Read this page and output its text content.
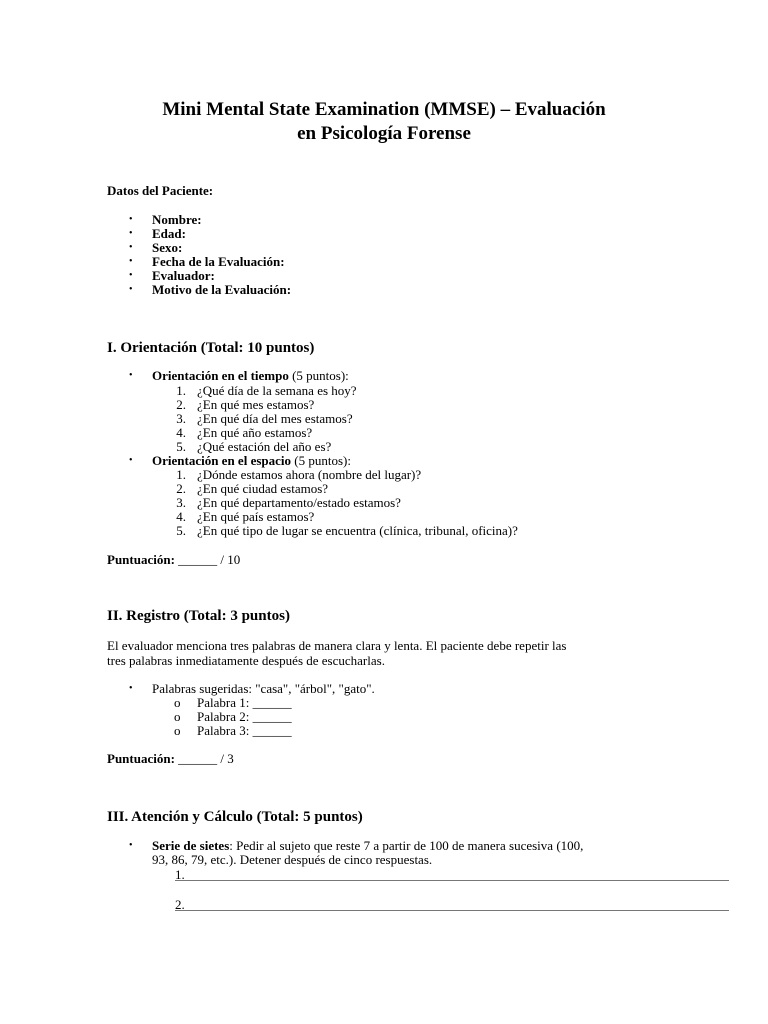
Mini Mental State Examination (MMSE) – Evaluación
en Psicología Forense
Datos del Paciente:
• Nombre:
• Edad:
• Sexo:
• Fecha de la Evaluación:
• Evaluador:
• Motivo de la Evaluación:
I. Orientación (Total: 10 puntos)
• Orientación en el tiempo (5 puntos):
1. ¿Qué día de la semana es hoy?
2. ¿En qué mes estamos?
3. ¿En qué día del mes estamos?
4. ¿En qué año estamos?
5. ¿Qué estación del año es?
• Orientación en el espacio (5 puntos):
1. ¿Dónde estamos ahora (nombre del lugar)?
2. ¿En qué ciudad estamos?
3. ¿En qué departamento/estado estamos?
4. ¿En qué país estamos?
5. ¿En qué tipo de lugar se encuentra (clínica, tribunal, oficina)?
Puntuación: ______ / 10
II. Registro (Total: 3 puntos)
El evaluador menciona tres palabras de manera clara y lenta. El paciente debe repetir las
tres palabras inmediatamente después de escucharlas.
• Palabras sugeridas: "casa", "árbol", "gato".
o Palabra 1: ______
o Palabra 2: ______
o Palabra 3: ______
Puntuación: ______ / 3
III. Atención y Cálculo (Total: 5 puntos)
• Serie de sietes: Pedir al sujeto que reste 7 a partir de 100 de manera sucesiva (100,
93, 86, 79, etc.). Detener después de cinco respuestas.
1.
2.
